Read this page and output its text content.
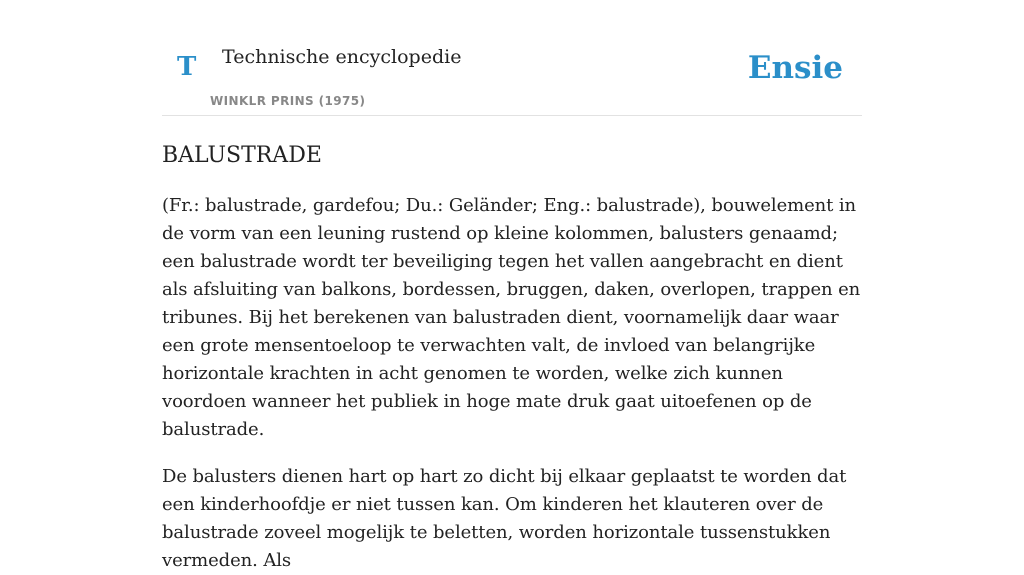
T Technische encyclopedie
WINKLR PRINS (1975)
Ensie
BALUSTRADE

(Fr.: balustrade, gardefou; Du.: Geländer; Eng.: balustrade), bouwelement in de vorm van een leuning rustend op kleine kolommen, balusters genaamd; een balustrade wordt ter beveiliging tegen het vallen aangebracht en dient als afsluiting van balkons, bordessen, bruggen, daken, overlopen, trappen en tribunes. Bij het berekenen van balustraden dient, voornamelijk daar waar een grote mensentoeloop te verwachten valt, de invloed van belangrijke horizontale krachten in acht genomen te worden, welke zich kunnen voordoen wanneer het publiek in hoge mate druk gaat uitoefenen op de balustrade.

De balusters dienen hart op hart zo dicht bij elkaar geplaatst te worden dat een kinderhoofdje er niet tussen kan. Om kinderen het klauteren over de balustrade zoveel mogelijk te beletten, worden horizontale tussenstukken vermeden. Als
